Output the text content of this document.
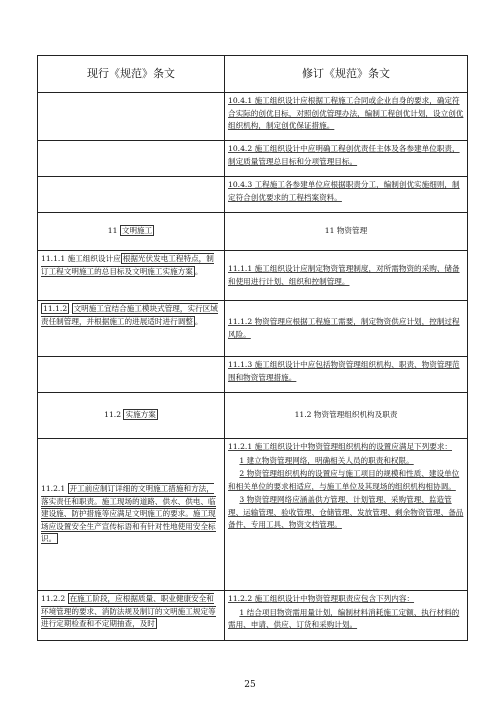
现行《规范》条文	修订《规范》条文
	10.4.1 施工组织设计应根据工程施工合同或企业自身的要求，确定符合实际的创优目标，对照创优管理办法，编制工程创优计划，设立创优组织机构，制定创优保证措施。
	10.4.2 施工组织设计中应明确工程创优责任主体及各参建单位职责，制定质量管理总目标和分项管理目标。
	10.4.3 工程施工各参建单位应根据职责分工，编制创优实施细则，制定符合创优要求的工程档案资料。
11 文明施工	11 物资管理
11.1.1 施工组织设计应 根据光伏发电工程特点，制订工程文明施工的总目标及文明施工实施方案 。	11.1.1 施工组织设计应制定物资管理制度，对所需物资的采购、储备和使用进行计划、组织和控制管理。
11.1.2 文明施工宜结合施工模块式管理，实行区域责任制管理，并根据施工的进展适时进行调整 。	11.1.2 物资管理应根据工程施工需要，制定物资供应计划，控制过程风险。
	11.1.3 施工组织设计中应包括物资管理组织机构、职责、物资管理范围和物资管理措施。
11.2 实施方案	11.2 物资管理组织机构及职责
11.2.1 开工前应制订详细的文明施工措施和方法，落实责任和职责。施工现场的道路、供水、供电、临建设施、防护措施等应满足文明施工的要求。施工现场应设置安全生产宣传标语和有针对性地使用安全标识。	11.2.1 施工组织设计中物资管理组织机构的设置应满足下列要求：

1 建立物资管理网络，明确相关人员的职责和权限。

2 物资管理组织机构的设置应与施工项目的规模和性质、建设单位和相关单位的要求相适应，与施工单位及其现场的组织机构相协调。

3 物资管理网络应涵盖供方管理、计划管理、采购管理、监造管理、运输管理、验收管理、仓储管理、发放管理、剩余物资管理、备品备件、专用工具、物资文档管理。

11.2.2 在施工阶段，应根据质量、职业健康安全和环境管理的要求、消防法规及制订的文明施工规定等进行定期检查和不定期抽查，及时	11.2.2 施工组织设计中物资管理职责应包含下列内容：

1 结合项目物资需用量计划，编制材料消耗施工定额、执行材料的需用、申请、供应、订货和采购计划。

25
